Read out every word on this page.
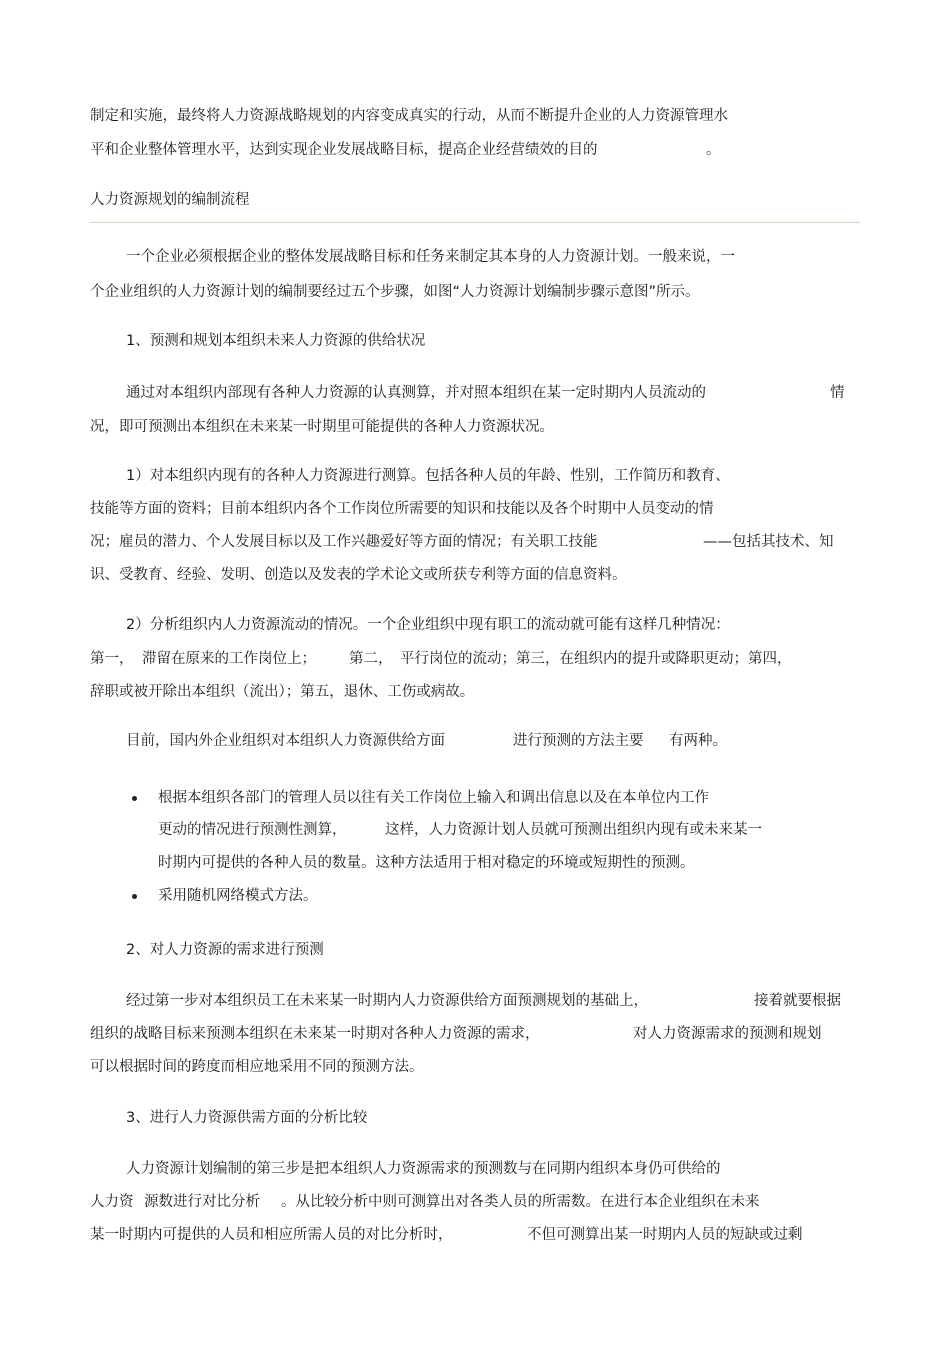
制定和实施，最终将人力资源战略规划的内容变成真实的行动，从而不断提升企业的人力资源管理水
平和企业整体管理水平，达到实现企业发展战略目标，提高企业经营绩效的目的	。
人力资源规划的编制流程
一个企业必须根据企业的整体发展战略目标和任务来制定其本身的人力资源计划。一般来说，一
个企业组织的人力资源计划的编制要经过五个步骤，如图“人力资源计划编制步骤示意图”所示。
1、预测和规划本组织未来人力资源的供给状况
通过对本组织内部现有各种人力资源的认真测算，并对照本组织在某一定时期内人员流动的	情
况，即可预测出本组织在未来某一时期里可能提供的各种人力资源状况。
1）对本组织内现有的各种人力资源进行测算。包括各种人员的年龄、性别，工作简历和教育、
技能等方面的资料；目前本组织内各个工作岗位所需要的知识和技能以及各个时期中人员变动的情
况；雇员的潜力、个人发展目标以及工作兴趣爱好等方面的情况；有关职工技能	——包括其技术、知
识、受教育、经验、发明、创造以及发表的学术论文或所获专利等方面的信息资料。
2）分析组织内人力资源流动的情况。一个企业组织中现有职工的流动就可能有这样几种情况：
第一， 滞留在原来的工作岗位上； 第二， 平行岗位的流动；第三，在组织内的提升或降职更动；第四，
辞职或被开除出本组织（流出）；第五，退休、工伤或病故。
目前，国内外企业组织对本组织人力资源供给方面	进行预测的方法主要 有两种。
根据本组织各部门的管理人员以往有关工作岗位上输入和调出信息以及在本单位内工作
更动的情况进行预测性测算，	这样，人力资源计划人员就可预测出组织内现有或未来某一
时期内可提供的各种人员的数量。这种方法适用于相对稳定的环境或短期性的预测。
采用随机网络模式方法。
2、对人力资源的需求进行预测
经过第一步对本组织员工在未来某一时期内人力资源供给方面预测规划的基础上，	接着就要根据
组织的战略目标来预测本组织在未来某一时期对各种人力资源的需求，	对人力资源需求的预测和规划
可以根据时间的跨度而相应地采用不同的预测方法。
3、进行人力资源供需方面的分析比较
人力资源计划编制的第三步是把本组织人力资源需求的预测数与在同期内组织本身仍可供给的
人力资 源数进行对比分析 。从比较分析中则可测算出对各类人员的所需数。在进行本企业组织在未来
某一时期内可提供的人员和相应所需人员的对比分析时，	不但可测算出某一时期内人员的短缺或过剩
